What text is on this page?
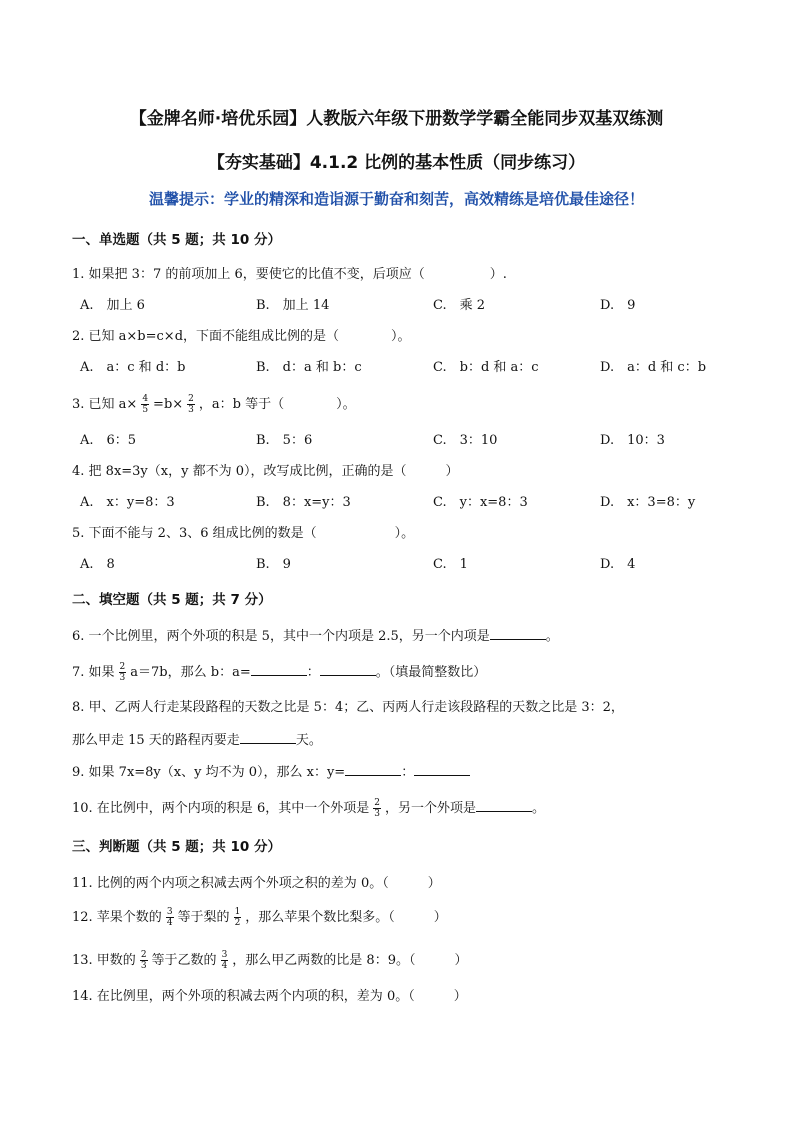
【金牌名师·培优乐园】人教版六年级下册数学学霸全能同步双基双练测
【夯实基础】4.1.2 比例的基本性质（同步练习）
温馨提示：学业的精深和造诣源于勤奋和刻苦，高效精练是培优最佳途径！
一、单选题（共 5 题；共 10 分）
1. 如果把 3：7 的前项加上 6，要使它的比值不变，后项应（　　　　　）.
A.　加上 6	B.　加上 14	C.　乘 2	D.　9
2. 已知 a×b=c×d，下面不能组成比例的是（　　　　）。
A.　a：c 和 d：b	B.　d：a 和 b：c	C.　b：d 和 a：c	D.　a：d 和 c：b
3. 已知 $a\times \frac{4}{5} =b\times \frac{2}{3}$ ，a：b 等于（　　　　）。
A.　6：5	B.　5：6	C.　3：10	D.　10：3
4. 把 8x=3y（x，y 都不为 0），改写成比例，正确的是（　　　）
A.　x：y=8：3	B.　8：x=y：3	C.　y：x=8：3	D.　x：3=8：y
5. 下面不能与 2、3、6 组成比例的数是（　　　　　　）。
A.　8	B.　9	C.　1	D.　4
二、填空题（共 5 题；共 7 分）
6. 一个比例里，两个外项的积是 5，其中一个内项是 2.5，另一个内项是	。
7. 如果 $\frac{2}{3} a=7b$，那么 b：a=	：	。（填最简整数比）
8. 甲、乙两人行走某段路程的天数之比是 5：4；乙、丙两人行走该段路程的天数之比是 3：2，
那么甲走 15 天的路程丙要走	天。
9. 如果 7x=8y（x、y 均不为 0），那么 x：y=	：
10. 在比例中，两个内项的积是 6，其中一个外项是 $\frac{2}{3}$ ，另一个外项是	。
三、判断题（共 5 题；共 10 分）
11. 比例的两个内项之积减去两个外项之积的差为 0。（　　　）
12. 苹果个数的 $\frac{3}{4}$ 等于梨的 $\frac{1}{2}$ ，那么苹果个数比梨多。（　　　）
13. 甲数的 $\frac{2}{3}$ 等于乙数的 $\frac{3}{4}$ ，那么甲乙两数的比是 8：9。（　　　）
14. 在比例里，两个外项的积减去两个内项的积，差为 0。（　　　）
